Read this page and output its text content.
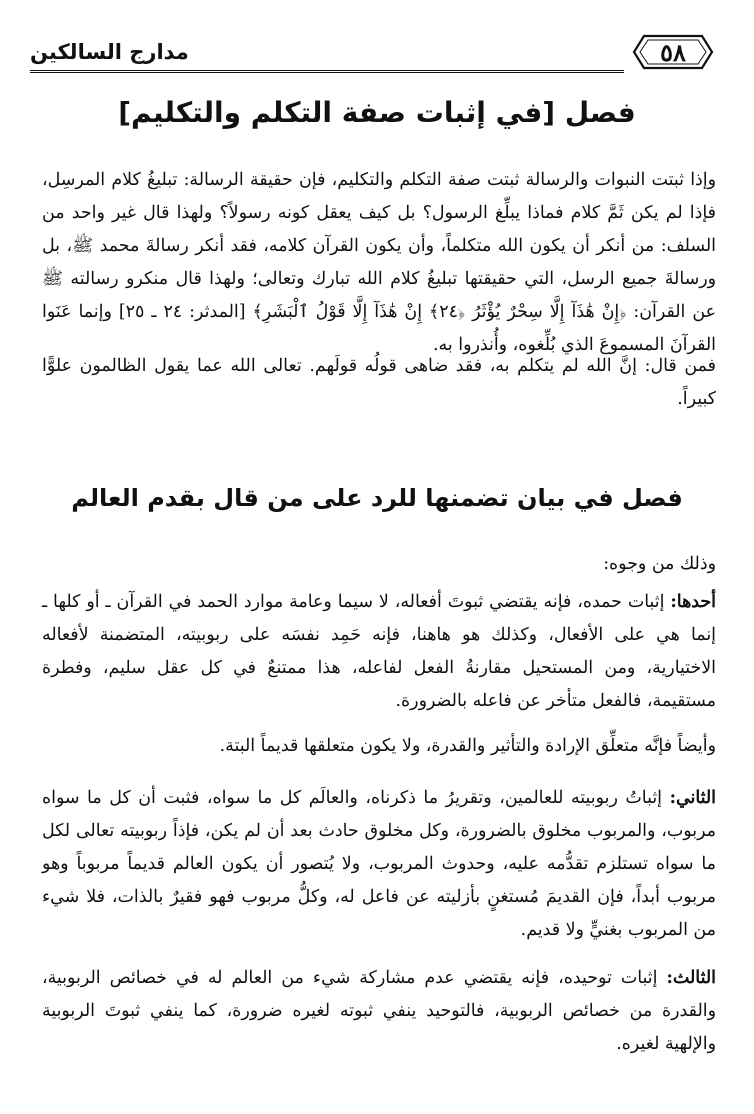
٥٨
مدارج السالكين
فصل [في إثبات صفة التكلم والتكليم]

وإذا ثبتت النبوات والرسالة ثبتت صفة التكلم والتكليم، فإن حقيقة الرسالة: تبليغُ كلام المرسِل، فإذا لم يكن ثَمَّ كلام فماذا يبلِّغ الرسول؟ بل كيف يعقل كونه رسولاً؟ ولهذا قال غير واحد من السلف: من أنكر أن يكون الله متكلماً، وأن يكون القرآن كلامه، فقد أنكر رسالةَ محمد ﷺ، بل ورسالةَ جميع الرسل، التي حقيقتها تبليغُ كلام الله تبارك وتعالى؛ ولهذا قال منكرو رسالته ﷺ عن القرآن: ﴿إِنْ هَٰذَآ إِلَّا سِحْرٌ يُؤْثَرُ ﴿٢٤﴾ إِنْ هَٰذَآ إِلَّا قَوْلُ ٱلْبَشَرِ﴾ [المدثر: ٢٤ ـ ٢٥] وإنما عَنَوا القرآنَ المسموعَ الذي بُلِّغوه، وأُنذروا به.

فمن قال: إنَّ الله لم يتكلم به، فقد ضاهى قولُه قولَهم. تعالى الله عما يقول الظالمون علوًّا كبيراً.

فصل في بيان تضمنها للرد على من قال بقدم العالم

وذلك من وجوه:

أحدها: إثبات حمده، فإنه يقتضي ثبوتَ أفعاله، لا سيما وعامة موارد الحمد في القرآن ـ أو كلها ـ إنما هي على الأفعال، وكذلك هو هاهنا، فإنه حَمِد نفسَه على ربوبيته، المتضمنة لأفعاله الاختيارية، ومن المستحيل مقارنةُ الفعل لفاعله، هذا ممتنعٌ في كل عقل سليم، وفطرة مستقيمة، فالفعل متأخر عن فاعله بالضرورة.

وأيضاً فإنَّه متعلِّق الإرادة والتأثير والقدرة، ولا يكون متعلقها قديماً البتة.

الثاني: إثباتُ ربوبيته للعالمين، وتقريرُ ما ذكرناه، والعالَم كل ما سواه، فثبت أن كل ما سواه مربوب، والمربوب مخلوق بالضرورة، وكل مخلوق حادث بعد أن لم يكن، فإذاً ربوبيته تعالى لكل ما سواه تستلزم تقدُّمه عليه، وحدوث المربوب، ولا يُتصور أن يكون العالم قديماً مربوباً وهو مربوب أبداً، فإن القديمَ مُستغنٍ بأزليته عن فاعل له، وكلُّ مربوب فهو فقيرٌ بالذات، فلا شيء من المربوب بغنيٍّ ولا قديم.

الثالث: إثبات توحيده، فإنه يقتضي عدم مشاركة شيء من العالم له في خصائص الربوبية، والقدرة من خصائص الربوبية، فالتوحيد ينفي ثبوته لغيره ضرورة، كما ينفي ثبوتَ الربوبية والإلهية لغيره.
